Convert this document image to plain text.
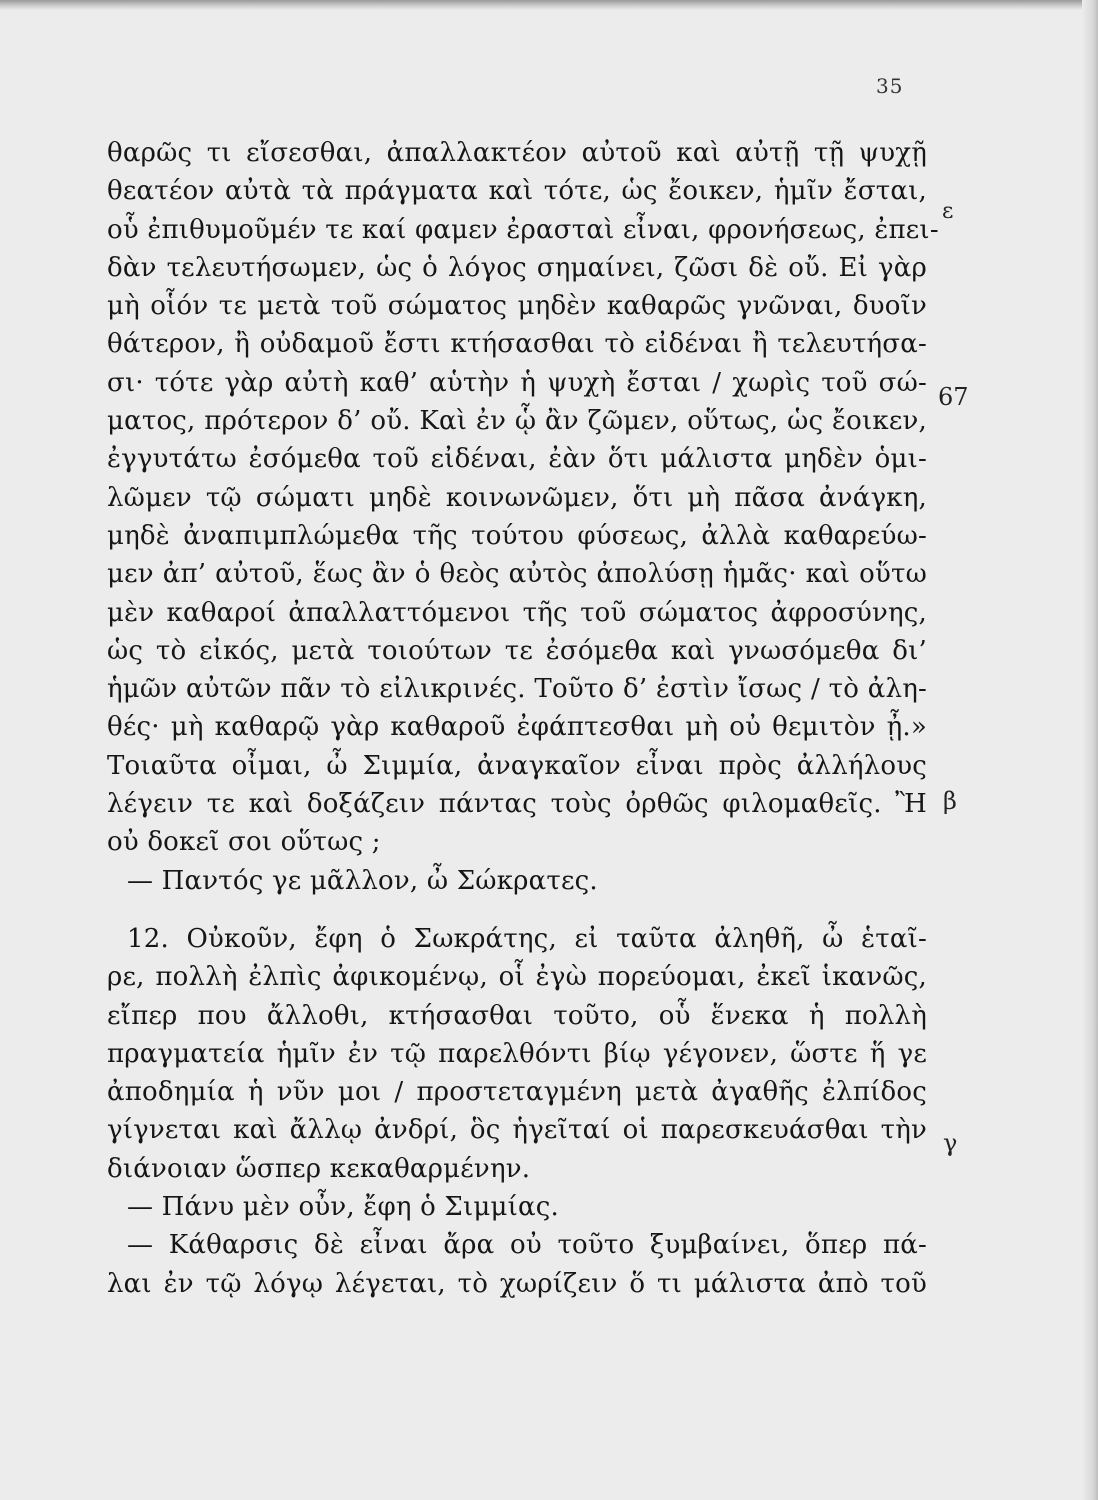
35
ε
67
β
γ
θαρῶς τι εἴσεσθαι, ἀπαλλακτέον αὐτοῦ καὶ αὐτῇ τῇ ψυχῇ
θεατέον αὐτὰ τὰ πράγματα καὶ τότε, ὡς ἔοικεν, ἡμῖν ἔσται,
οὗ ἐπιθυμοῦμέν τε καί φαμεν ἐρασταὶ εἶναι, φρονήσεως, ἐπει-
δὰν τελευτήσωμεν, ὡς ὁ λόγος σημαίνει, ζῶσι δὲ οὔ. Εἰ γὰρ
μὴ οἷόν τε μετὰ τοῦ σώματος μηδὲν καθαρῶς γνῶναι, δυοῖν
θάτερον, ἢ οὐδαμοῦ ἔστι κτήσασθαι τὸ εἰδέναι ἢ τελευτήσα-
σι· τότε γὰρ αὐτὴ καθ’ αὑτὴν ἡ ψυχὴ ἔσται / χωρὶς τοῦ σώ-
ματος, πρότερον δ’ οὔ. Καὶ ἐν ᾧ ἂν ζῶμεν, οὕτως, ὡς ἔοικεν,
ἐγγυτάτω ἐσόμεθα τοῦ εἰδέναι, ἐὰν ὅτι μάλιστα μηδὲν ὁμι-
λῶμεν τῷ σώματι μηδὲ κοινωνῶμεν, ὅτι μὴ πᾶσα ἀνάγκη,
μηδὲ ἀναπιμπλώμεθα τῆς τούτου φύσεως, ἀλλὰ καθαρεύω-
μεν ἀπ’ αὐτοῦ, ἕως ἂν ὁ θεὸς αὐτὸς ἀπολύσῃ ἡμᾶς· καὶ οὕτω
μὲν καθαροί ἀπαλλαττόμενοι τῆς τοῦ σώματος ἀφροσύνης,
ὡς τὸ εἰκός, μετὰ τοιούτων τε ἐσόμεθα καὶ γνωσόμεθα δι’
ἡμῶν αὐτῶν πᾶν τὸ εἰλικρινές. Τοῦτο δ’ ἐστὶν ἴσως / τὸ ἀλη-
θές· μὴ καθαρῷ γὰρ καθαροῦ ἐφάπτεσθαι μὴ οὐ θεμιτὸν ᾖ.»
Τοιαῦτα οἶμαι, ὦ Σιμμία, ἀναγκαῖον εἶναι πρὸς ἀλλήλους
λέγειν τε καὶ δοξάζειν πάντας τοὺς ὀρθῶς φιλομαθεῖς. Ἢ
οὐ δοκεῖ σοι οὕτως ;
— Παντός γε μᾶλλον, ὦ Σώκρατες.
12. Οὐκοῦν, ἔφη ὁ Σωκράτης, εἰ ταῦτα ἀληθῆ, ὦ ἑταῖ-
ρε, πολλὴ ἐλπὶς ἀφικομένῳ, οἷ ἐγὼ πορεύομαι, ἐκεῖ ἱκανῶς,
εἴπερ που ἄλλοθι, κτήσασθαι τοῦτο, οὗ ἕνεκα ἡ πολλὴ
πραγματεία ἡμῖν ἐν τῷ παρελθόντι βίῳ γέγονεν, ὥστε ἥ γε
ἀποδημία ἡ νῦν μοι / προστεταγμένη μετὰ ἀγαθῆς ἐλπίδος
γίγνεται καὶ ἄλλῳ ἀνδρί, ὃς ἡγεῖταί οἱ παρεσκευάσθαι τὴν
διάνοιαν ὥσπερ κεκαθαρμένην.
— Πάνυ μὲν οὖν, ἔφη ὁ Σιμμίας.
— Κάθαρσις δὲ εἶναι ἄρα οὐ τοῦτο ξυμβαίνει, ὅπερ πά-
λαι ἐν τῷ λόγῳ λέγεται, τὸ χωρίζειν ὅ τι μάλιστα ἀπὸ τοῦ
